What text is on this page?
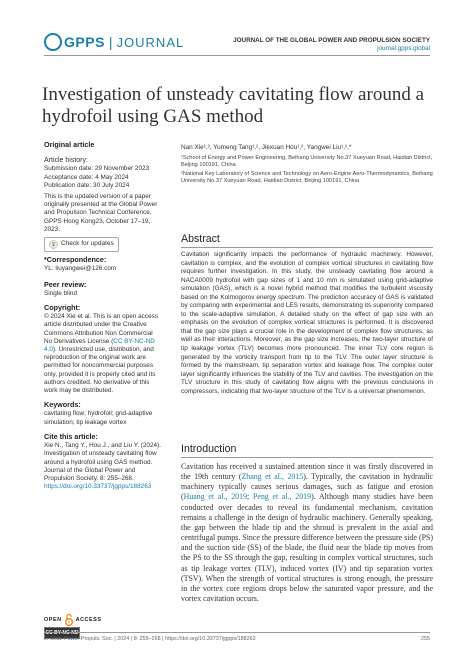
GPPS | JOURNAL	JOURNAL OF THE GLOBAL POWER AND PROPULSION SOCIETY
journal.gpps.global
Investigation of unsteady cavitating flow around a hydrofoil using GAS method

Original article

Article history:

Submission date: 29 November 2023

Acceptance date: 4 May 2024

Publication date: 30 July 2024

This is the updated version of a paper originally presented at the Global Power and Propulsion Technical Conference, GPPS Hong Kong23, October 17–19, 2023.

Check for updates

*Correspondence:

YL: liuyangwei@126.com

Peer review:

Single blind

Copyright:

© 2024 Xie et al. This is an open access article distributed under the Creative Commons Attribution Non Commercial No Derivatives License (CC BY-NC-ND 4.0). Unrestricted use, distribution, and reproduction of the original work are permitted for noncommercial purposes only, provided it is properly cited and its authors credited. No derivative of this work may be distributed.

Keywords:

cavitating flow; hydrofoil; grid-adaptive simulation; tip leakage vortex

Cite this article:

Xie N., Tang Y., Hou J., and Liu Y. (2024). Investigation of unsteady cavitating flow around a hydrofoil using GAS method. Journal of the Global Power and Propulsion Society. 8: 255–268. https://doi.org/10.33737/jgpps/188263

Nan Xie¹,², Yumeng Tang¹,², Jiexuan Hou¹,², Yangwei Liu¹,²,*
¹School of Energy and Power Engineering, Beihang University No.37 Xueyuan Road, Haidian District, Beijing 100191, China
²National Key Laboratory of Science and Technology on Aero-Engine Aero-Thermodynamics, Beihang University No.37 Xueyuan Road, Haidian District, Beijing 100191, China
Abstract
Cavitation significantly impacts the performance of hydraulic machinery. However, cavitation is complex, and the evolution of complex vortical structures in cavitating flow requires further investigation. In this study, the unsteady cavitating flow around a NACA0009 hydrofoil with gap sizes of 1 and 10 mm is simulated using grid-adaptive simulation (GAS), which is a novel hybrid method that modifies the turbulent viscosity based on the Kolmogorov energy spectrum. The prediction accuracy of GAS is validated by comparing with experimental and LES results, demonstrating its superiority compared to the scale-adaptive simulation. A detailed study on the effect of gap size with an emphasis on the evolution of complex vortical structures is performed. It is discovered that the gap size plays a crucial role in the development of complex flow structures, as well as their interactions. Moreover, as the gap size increases, the two-layer structure of tip leakage vortex (TLV) becomes more pronounced. The inner TLV core region is generated by the vorticity transport from tip to the TLV. The outer layer structure is formed by the mainstream, tip separation vortex and leakage flow. The complex outer layer significantly influences the stability of the TLV and cavities. The investigation on the TLV structure in this study of cavitating flow aligns with the previous conclusions in compressors, indicating that two-layer structure of the TLV is a universal phenomenon.
Introduction
Cavitation has received a sustained attention since it was firstly discovered in the 19th century (Zhang et al., 2015). Typically, the cavitation in hydraulic machinery typically causes serious damages, such as fatigue and erosion (Huang et al., 2019; Peng et al., 2019). Although many studies have been conducted over decades to reveal its fundamental mechanism, cavitation remains a challenge in the design of hydraulic machinery. Generally speaking, the gap between the blade tip and the shroud is prevalent in the axial and centrifugal pumps. Since the pressure difference between the pressure side (PS) and the suction side (SS) of the blade, the fluid near the blade tip moves from the PS to the SS through the gap, resulting in complex vortical structures, such as tip leakage vortex (TLV), induced vortex (IV) and tip separation vortex (TSV). When the strength of vortical structures is strong enough, the pressure in the vortex core regions drops below the saturated vapor pressure, and the vortex cavitation occurs.
OPEN	ACCESS
CC BY-NC-ND
J. Glob. Power Propuls. Soc. | 2024 | 8: 255–268 | https://doi.org/10.33737/jgpps/188263	255
